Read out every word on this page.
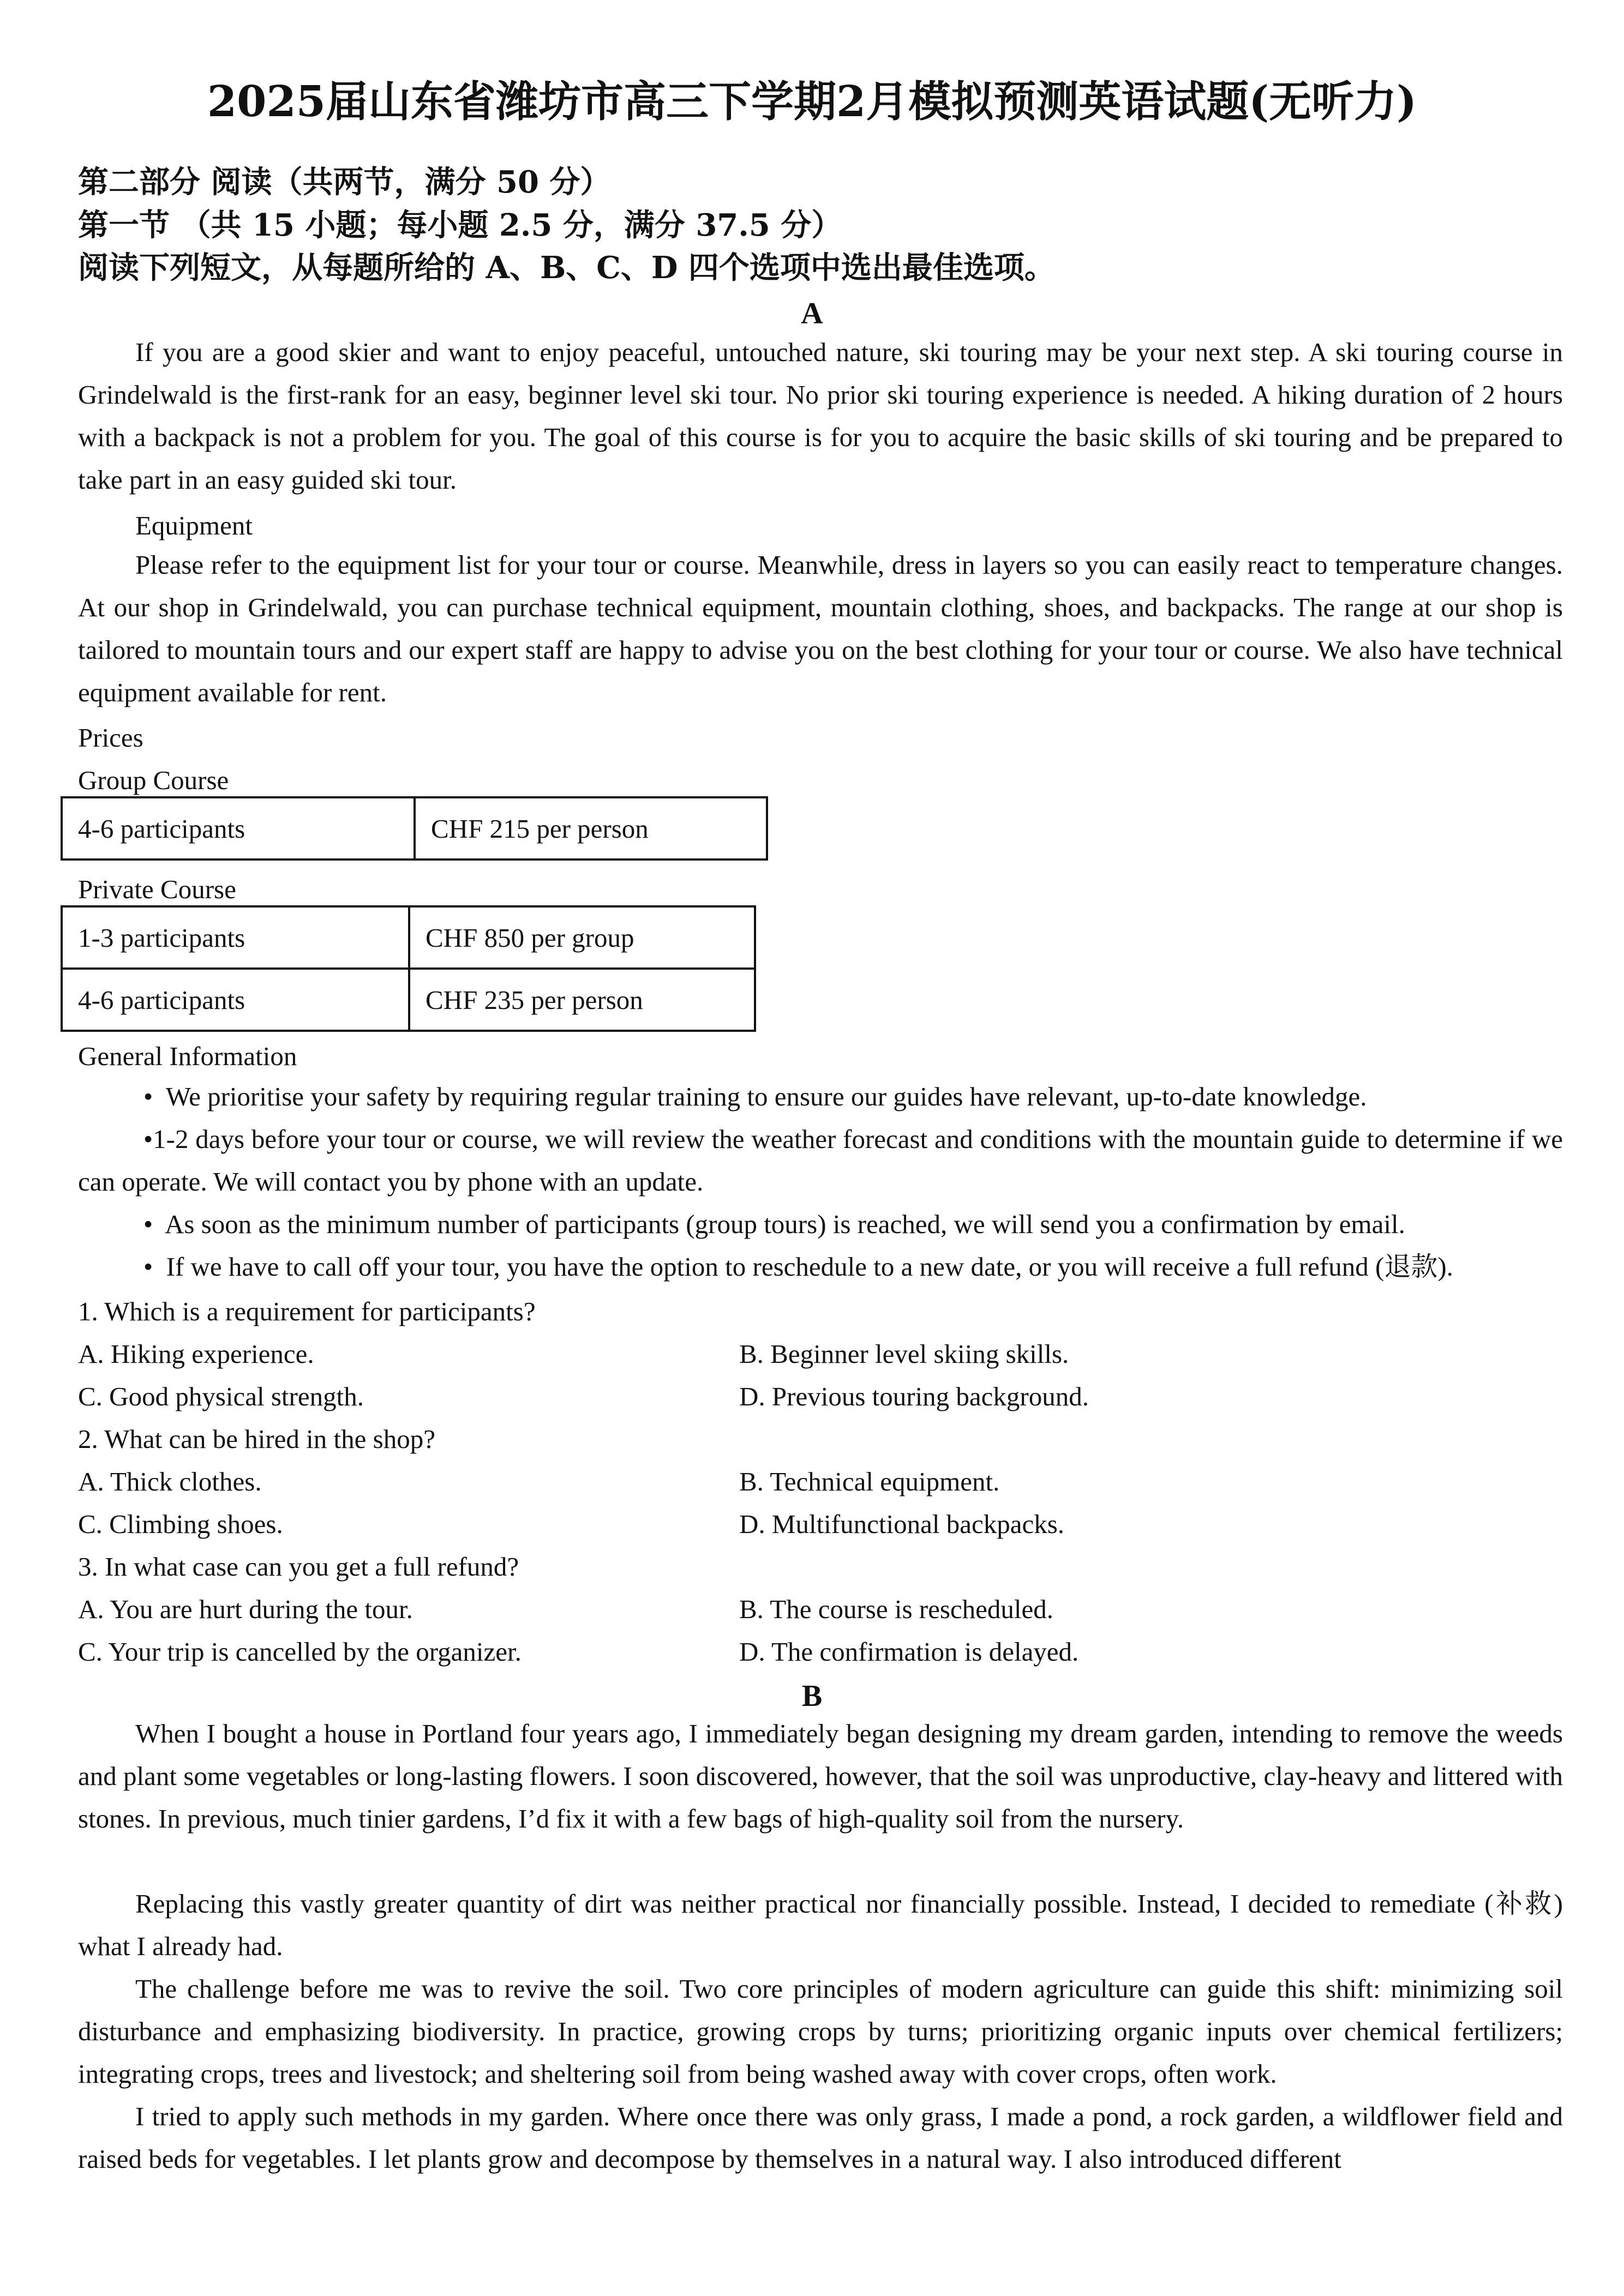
2025届山东省潍坊市高三下学期2月模拟预测英语试题(无听力)
第二部分 阅读（共两节，满分 50 分）
第一节 （共 15 小题；每小题 2.5 分，满分 37.5 分）
阅读下列短文，从每题所给的 A、B、C、D 四个选项中选出最佳选项。
A

If you are a good skier and want to enjoy peaceful, untouched nature, ski touring may be your next step. A ski touring course in Grindelwald is the first-rank for an easy, beginner level ski tour. No prior ski touring experience is needed. A hiking duration of 2 hours with a backpack is not a problem for you. The goal of this course is for you to acquire the basic skills of ski touring and be prepared to take part in an easy guided ski tour.

Equipment

Please refer to the equipment list for your tour or course. Meanwhile, dress in layers so you can easily react to temperature changes. At our shop in Grindelwald, you can purchase technical equipment, mountain clothing, shoes, and backpacks. The range at our shop is tailored to mountain tours and our expert staff are happy to advise you on the best clothing for your tour or course. We also have technical equipment available for rent.

Prices
Group Course
4-6 participants	CHF 215 per person
Private Course
1-3 participants	CHF 850 per group
4-6 participants	CHF 235 per person
General Information
• We prioritise your safety by requiring regular training to ensure our guides have relevant, up-to-date knowledge.
•1-2 days before your tour or course, we will review the weather forecast and conditions with the mountain guide to determine if we can operate. We will contact you by phone with an update.
• As soon as the minimum number of participants (group tours) is reached, we will send you a confirmation by email.
• If we have to call off your tour, you have the option to reschedule to a new date, or you will receive a full refund (退款).
1. Which is a requirement for participants?
A. Hiking experience.	B. Beginner level skiing skills.
C. Good physical strength.	D. Previous touring background.
2. What can be hired in the shop?
A. Thick clothes.	B. Technical equipment.
C. Climbing shoes.	D. Multifunctional backpacks.
3. In what case can you get a full refund?
A. You are hurt during the tour.	B. The course is rescheduled.
C. Your trip is cancelled by the organizer.	D. The confirmation is delayed.
B

When I bought a house in Portland four years ago, I immediately began designing my dream garden, intending to remove the weeds and plant some vegetables or long-lasting flowers. I soon discovered, however, that the soil was unproductive, clay-heavy and littered with stones. In previous, much tinier gardens, I’d fix it with a few bags of high-quality soil from the nursery.

Replacing this vastly greater quantity of dirt was neither practical nor financially possible. Instead, I decided to remediate (补救) what I already had.

The challenge before me was to revive the soil. Two core principles of modern agriculture can guide this shift: minimizing soil disturbance and emphasizing biodiversity. In practice, growing crops by turns; prioritizing organic inputs over chemical fertilizers; integrating crops, trees and livestock; and sheltering soil from being washed away with cover crops, often work.

I tried to apply such methods in my garden. Where once there was only grass, I made a pond, a rock garden, a wildflower field and raised beds for vegetables. I let plants grow and decompose by themselves in a natural way. I also introduced different
